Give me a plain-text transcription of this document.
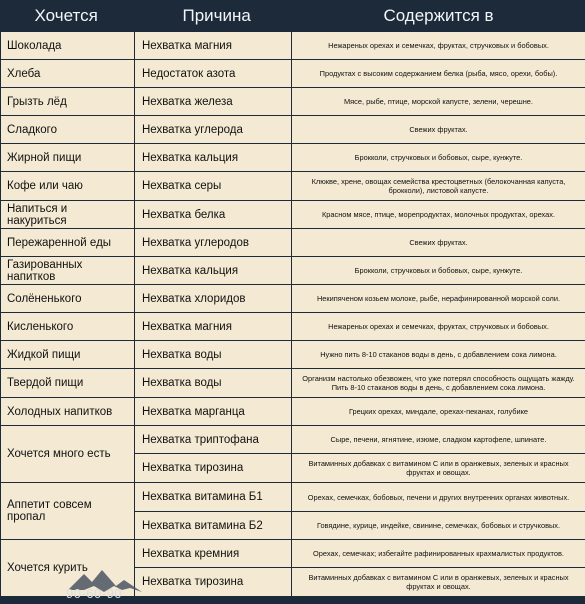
Хочется	Причина	Содержится в
Шоколада	Нехватка магния	Нежареных орехах и семечках, фруктах, стручковых и бобовых.
Хлеба	Недостаток азота	Продуктах с высоким содержанием белка (рыба, мясо, орехи, бобы).
Грызть лёд	Нехватка железа	Мясе, рыбе, птице, морской капусте, зелени, черешне.
Сладкого	Нехватка углерода	Свежих фруктах.
Жирной пищи	Нехватка кальция	Брокколи, стручковых и бобовых, сыре, кунжуте.
Кофе или чаю	Нехватка серы	Клюкве, хрене, овощах семейства крестоцветных (белокочанная капуста, брокколи), листовой капусте.
Напиться и накуриться	Нехватка белка	Красном мясе, птице, морепродуктах, молочных продуктах, орехах.
Пережаренной еды	Нехватка углеродов	Свежих фруктах.
Газированных напитков	Нехватка кальция	Брокколи, стручковых и бобовых, сыре, кунжуте.
Солёненького	Нехватка хлоридов	Некипяченом козьем молоке, рыбе, нерафинированной морской соли.
Кисленького	Нехватка магния	Нежареных орехах и семечках, фруктах, стручковых и бобовых.
Жидкой пищи	Нехватка воды	Нужно пить 8-10 стаканов воды в день, с добавлением сока лимона.
Твердой пищи	Нехватка воды	Организм настолько обезвожен, что уже потерял способность ощущать жажду. Пить 8-10 стаканов воды в день, с добавлением сока лимона.
Холодных напитков	Нехватка марганца	Грецких орехах, миндале, орехах-пеканах, голубике
Хочется много есть	Нехватка триптофана	Сыре, печени, ягнятине, изюме, сладком картофеле, шпинате.
	Нехватка тирозина	Витаминных добавках с витамином С или в оранжевых, зеленых и красных фруктах и овощах.
Аппетит совсем пропал	Нехватка витамина Б1	Орехах, семечках, бобовых, печени и других внутренних органах животных.
	Нехватка витамина Б2	Говядине, курице, индейке, свинине, семечках, бобовых и стручковых.
Хочется курить	Нехватка кремния	Орехах, семечках; избегайте рафинированных крахмалистых продуктов.
	Нехватка тирозина	Витаминных добавках с витамином С или в оранжевых, зеленых и красных фруктах и овощах.
90-60-90
